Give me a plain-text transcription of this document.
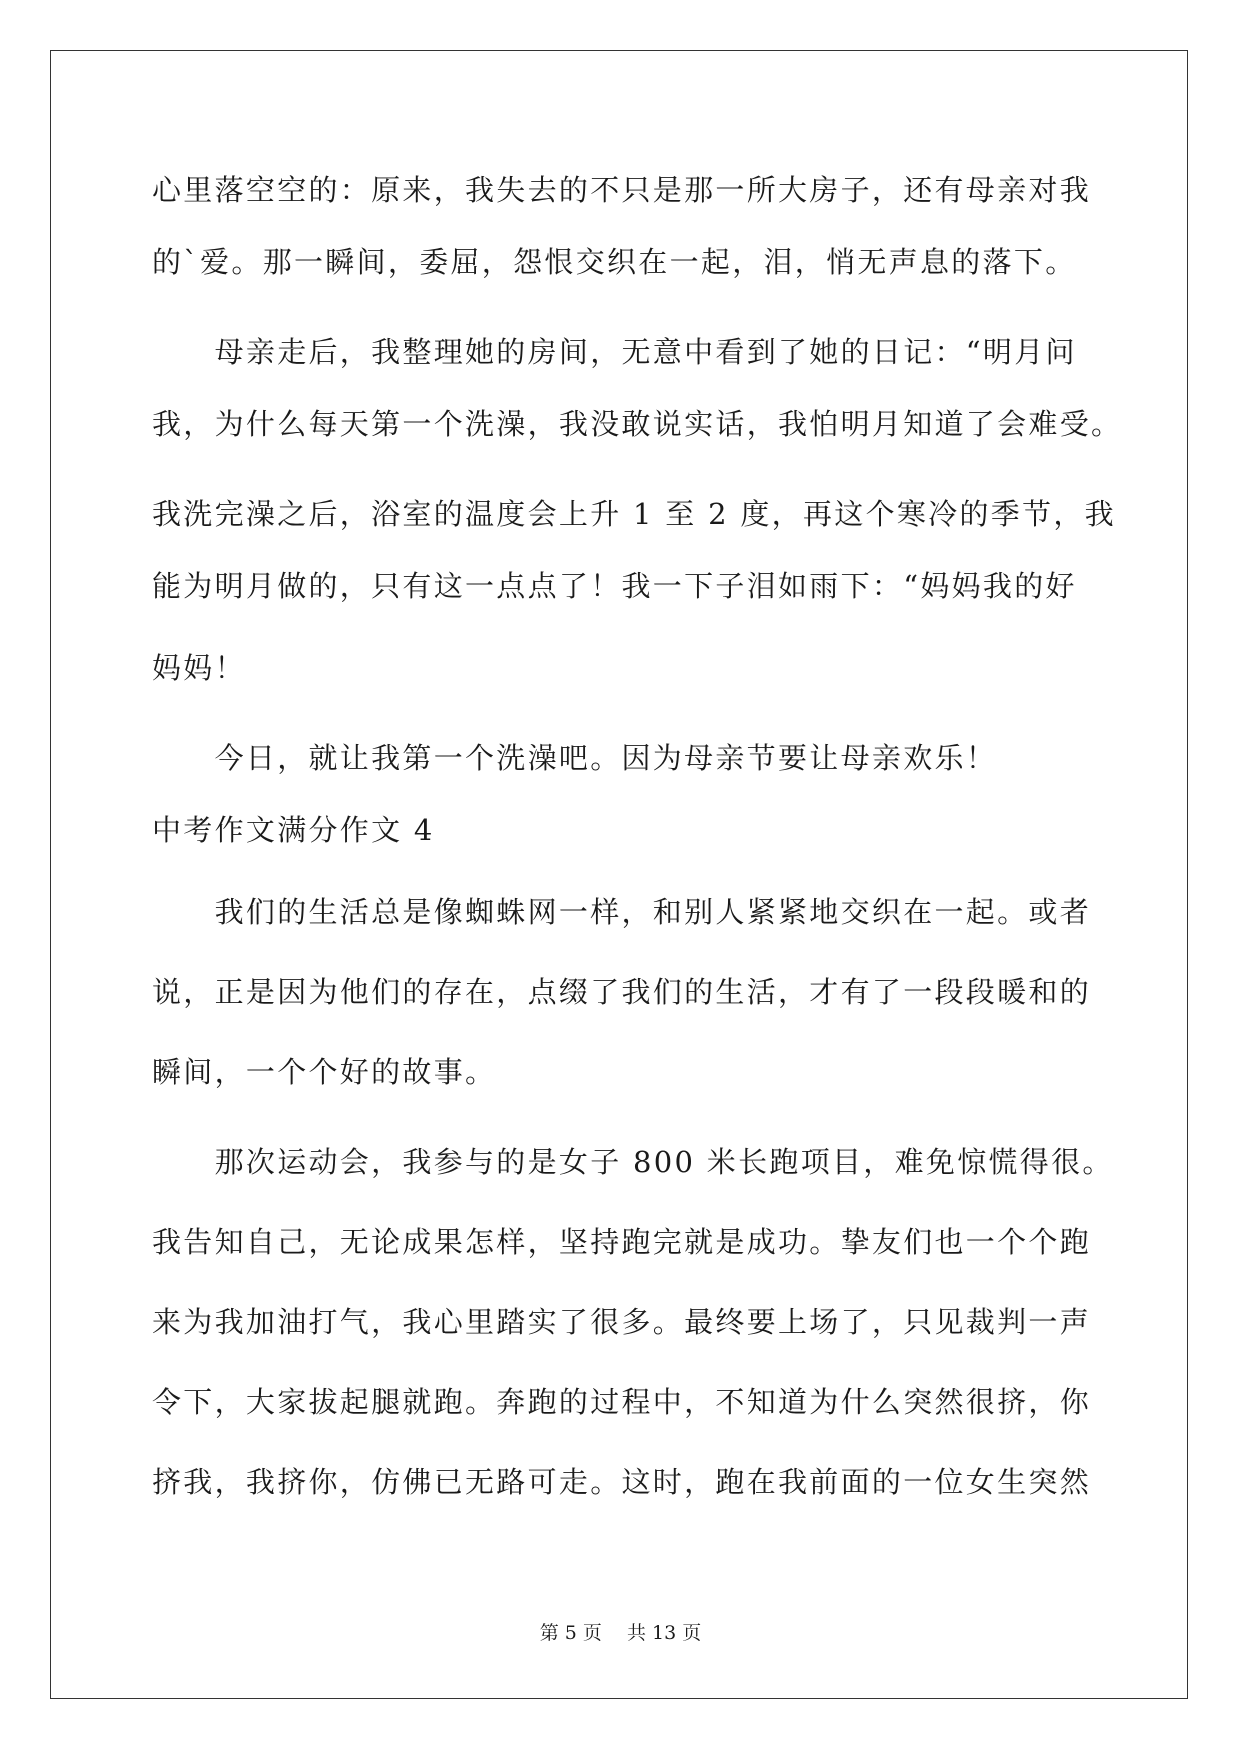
心里落空空的：原来，我失去的不只是那一所大房子，还有母亲对我
的`爱。那一瞬间，委屈，怨恨交织在一起，泪，悄无声息的落下。
　　母亲走后，我整理她的房间，无意中看到了她的日记：“明月问
我，为什么每天第一个洗澡，我没敢说实话，我怕明月知道了会难受。
我洗完澡之后，浴室的温度会上升 1 至 2 度，再这个寒冷的季节，我
能为明月做的，只有这一点点了！我一下子泪如雨下：“妈妈我的好
妈妈！
　　今日，就让我第一个洗澡吧。因为母亲节要让母亲欢乐！
中考作文满分作文 4
　　我们的生活总是像蜘蛛网一样，和别人紧紧地交织在一起。或者
说，正是因为他们的存在，点缀了我们的生活，才有了一段段暖和的
瞬间，一个个好的故事。
　　那次运动会，我参与的是女子 800 米长跑项目，难免惊慌得很。
我告知自己，无论成果怎样，坚持跑完就是成功。挚友们也一个个跑
来为我加油打气，我心里踏实了很多。最终要上场了，只见裁判一声
令下，大家拔起腿就跑。奔跑的过程中，不知道为什么突然很挤，你
挤我，我挤你，仿佛已无路可走。这时，跑在我前面的一位女生突然
第 5 页　 共 13 页
